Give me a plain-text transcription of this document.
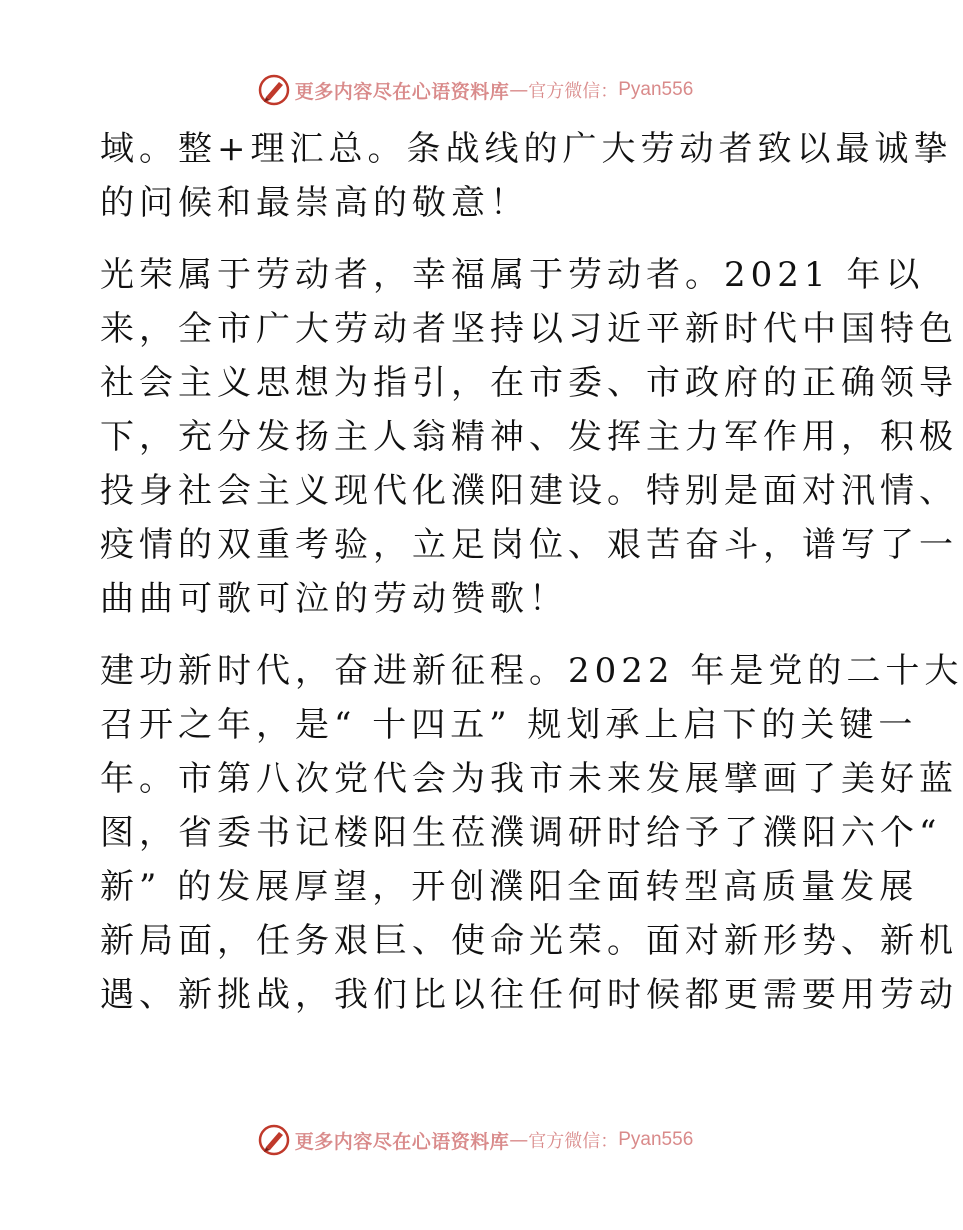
更多内容尽在心语资料库 — 官方微信： Pyan556
域。整+理汇总。条战线的广大劳动者致以最诚挚
的问候和最崇高的敬意！
光荣属于劳动者，幸福属于劳动者。2021 年以
来，全市广大劳动者坚持以习近平新时代中国特色
社会主义思想为指引，在市委、市政府的正确领导
下，充分发扬主人翁精神、发挥主力军作用，积极
投身社会主义现代化濮阳建设。特别是面对汛情、
疫情的双重考验，立足岗位、艰苦奋斗，谱写了一
曲曲可歌可泣的劳动赞歌！
建功新时代，奋进新征程。2022 年是党的二十大
召开之年，是“ 十四五” 规划承上启下的关键一
年。市第八次党代会为我市未来发展擘画了美好蓝
图，省委书记楼阳生莅濮调研时给予了濮阳六个“
新” 的发展厚望，开创濮阳全面转型高质量发展
新局面，任务艰巨、使命光荣。面对新形势、新机
遇、新挑战，我们比以往任何时候都更需要用劳动
更多内容尽在心语资料库 — 官方微信： Pyan556
